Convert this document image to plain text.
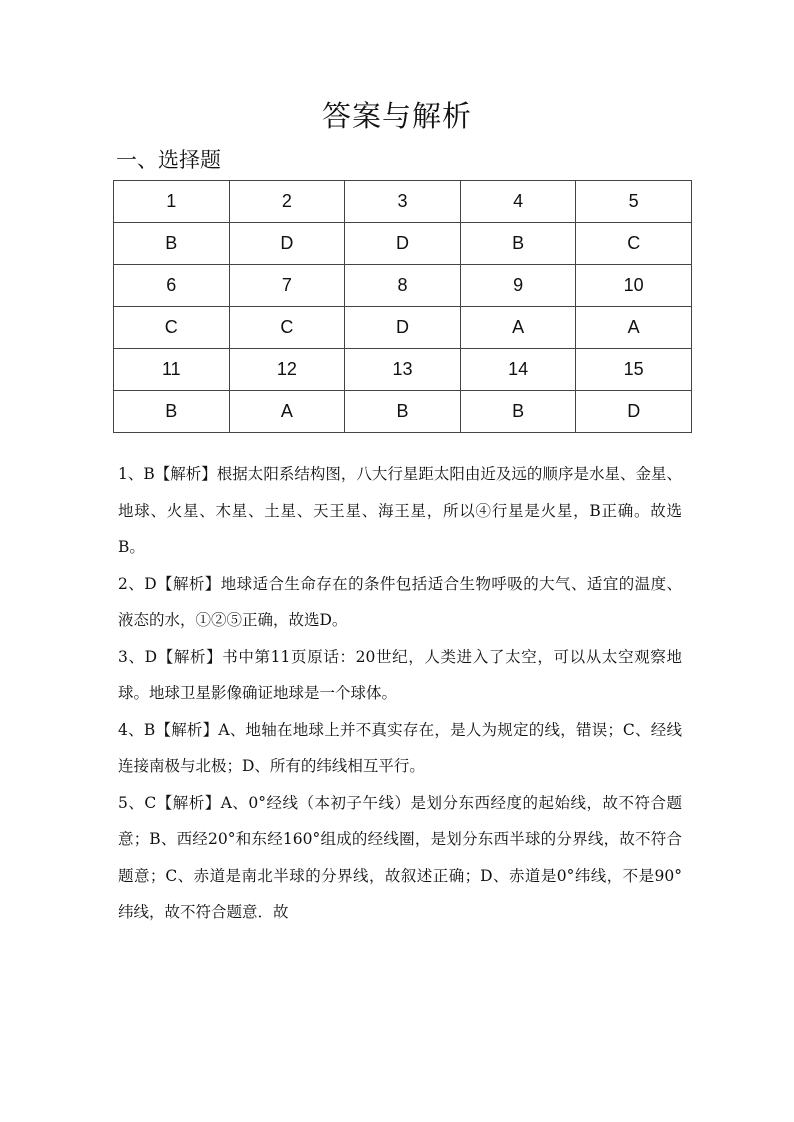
答案与解析
一、选择题
1	2	3	4	5
B	D	D	B	C
6	7	8	9	10
C	C	D	A	A
11	12	13	14	15
B	A	B	B	D

1、B【解析】根据太阳系结构图，八大行星距太阳由近及远的顺序是水星、金星、地球、火星、木星、土星、天王星、海王星，所以④行星是火星，B正确。故选B。

2、D【解析】地球适合生命存在的条件包括适合生物呼吸的大气、适宜的温度、液态的水，①②⑤正确，故选D。

3、D【解析】书中第11页原话：20世纪，人类进入了太空，可以从太空观察地球。地球卫星影像确证地球是一个球体。

4、B【解析】A、地轴在地球上并不真实存在，是人为规定的线，错误；C、经线连接南极与北极；D、所有的纬线相互平行。

5、C【解析】A、0°经线（本初子午线）是划分东西经度的起始线，故不符合题意；B、西经20°和东经160°组成的经线圈，是划分东西半球的分界线，故不符合题意；C、赤道是南北半球的分界线，故叙述正确；D、赤道是0°纬线，不是90°纬线，故不符合题意．故
